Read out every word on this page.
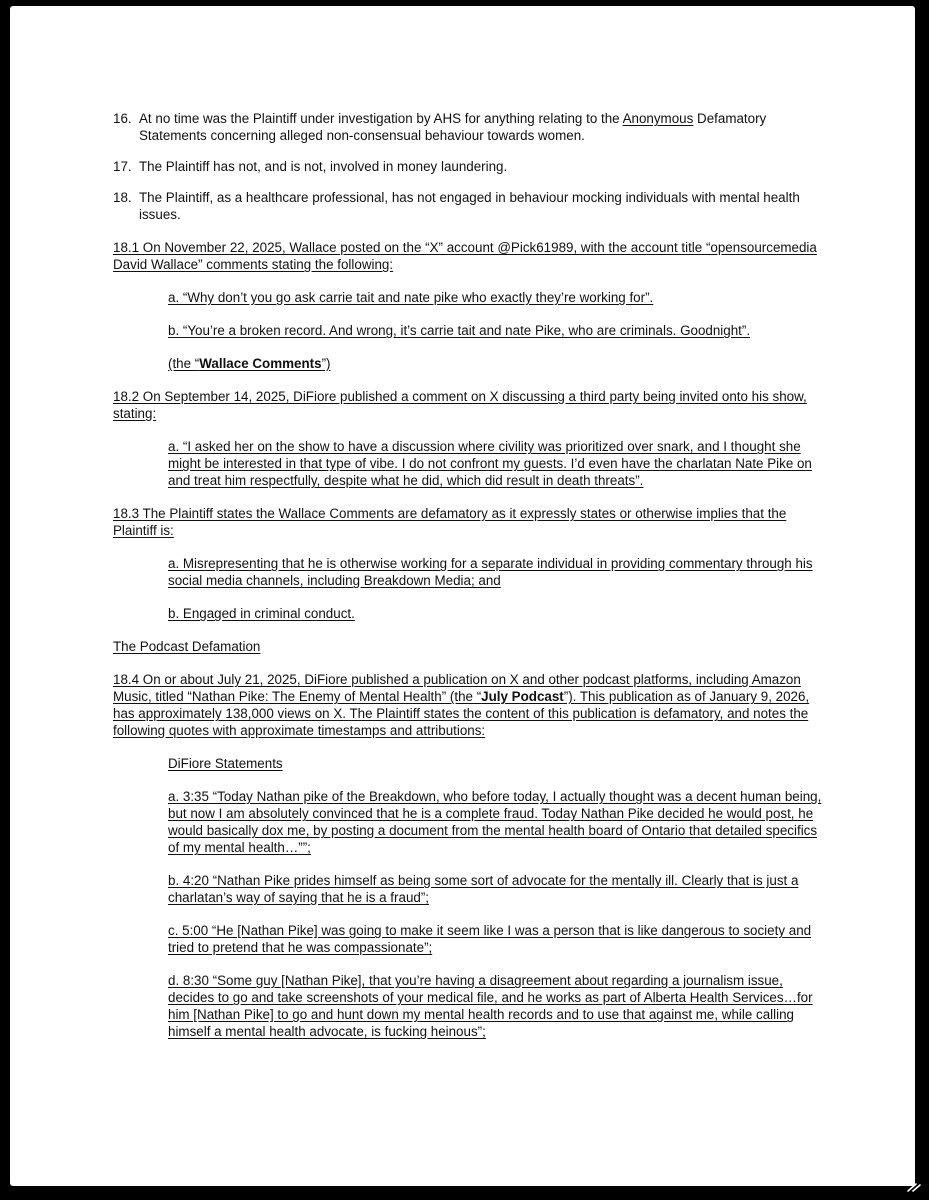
16. At no time was the Plaintiff under investigation by AHS for anything relating to the Anonymous Defamatory Statements concerning alleged non-consensual behaviour towards women.

17. The Plaintiff has not, and is not, involved in money laundering.

18. The Plaintiff, as a healthcare professional, has not engaged in behaviour mocking individuals with mental health issues.

18.1 On November 22, 2025, Wallace posted on the “X” account @Pick61989, with the account title “opensourcemedia David Wallace” comments stating the following:

a. “Why don’t you go ask carrie tait and nate pike who exactly they’re working for”.

b. “You’re a broken record. And wrong, it’s carrie tait and nate Pike, who are criminals. Goodnight”.

(the “Wallace Comments”)

18.2 On September 14, 2025, DiFiore published a comment on X discussing a third party being invited onto his show, stating:

a. “I asked her on the show to have a discussion where civility was prioritized over snark, and I thought she might be interested in that type of vibe. I do not confront my guests. I’d even have the charlatan Nate Pike on and treat him respectfully, despite what he did, which did result in death threats”.

18.3 The Plaintiff states the Wallace Comments are defamatory as it expressly states or otherwise implies that the Plaintiff is:

a. Misrepresenting that he is otherwise working for a separate individual in providing commentary through his social media channels, including Breakdown Media; and

b. Engaged in criminal conduct.

The Podcast Defamation

18.4 On or about July 21, 2025, DiFiore published a publication on X and other podcast platforms, including Amazon Music, titled “Nathan Pike: The Enemy of Mental Health” (the “July Podcast”). This publication as of January 9, 2026, has approximately 138,000 views on X. The Plaintiff states the content of this publication is defamatory, and notes the following quotes with approximate timestamps and attributions:

DiFiore Statements

a. 3:35 “Today Nathan pike of the Breakdown, who before today, I actually thought was a decent human being, but now I am absolutely convinced that he is a complete fraud. Today Nathan Pike decided he would post, he would basically dox me, by posting a document from the mental health board of Ontario that detailed specifics of my mental health…””;

b. 4:20 “Nathan Pike prides himself as being some sort of advocate for the mentally ill. Clearly that is just a charlatan’s way of saying that he is a fraud”;

c. 5:00 “He [Nathan Pike] was going to make it seem like I was a person that is like dangerous to society and tried to pretend that he was compassionate”;

d. 8:30 “Some guy [Nathan Pike], that you’re having a disagreement about regarding a journalism issue, decides to go and take screenshots of your medical file, and he works as part of Alberta Health Services…for him [Nathan Pike] to go and hunt down my mental health records and to use that against me, while calling himself a mental health advocate, is fucking heinous”;
